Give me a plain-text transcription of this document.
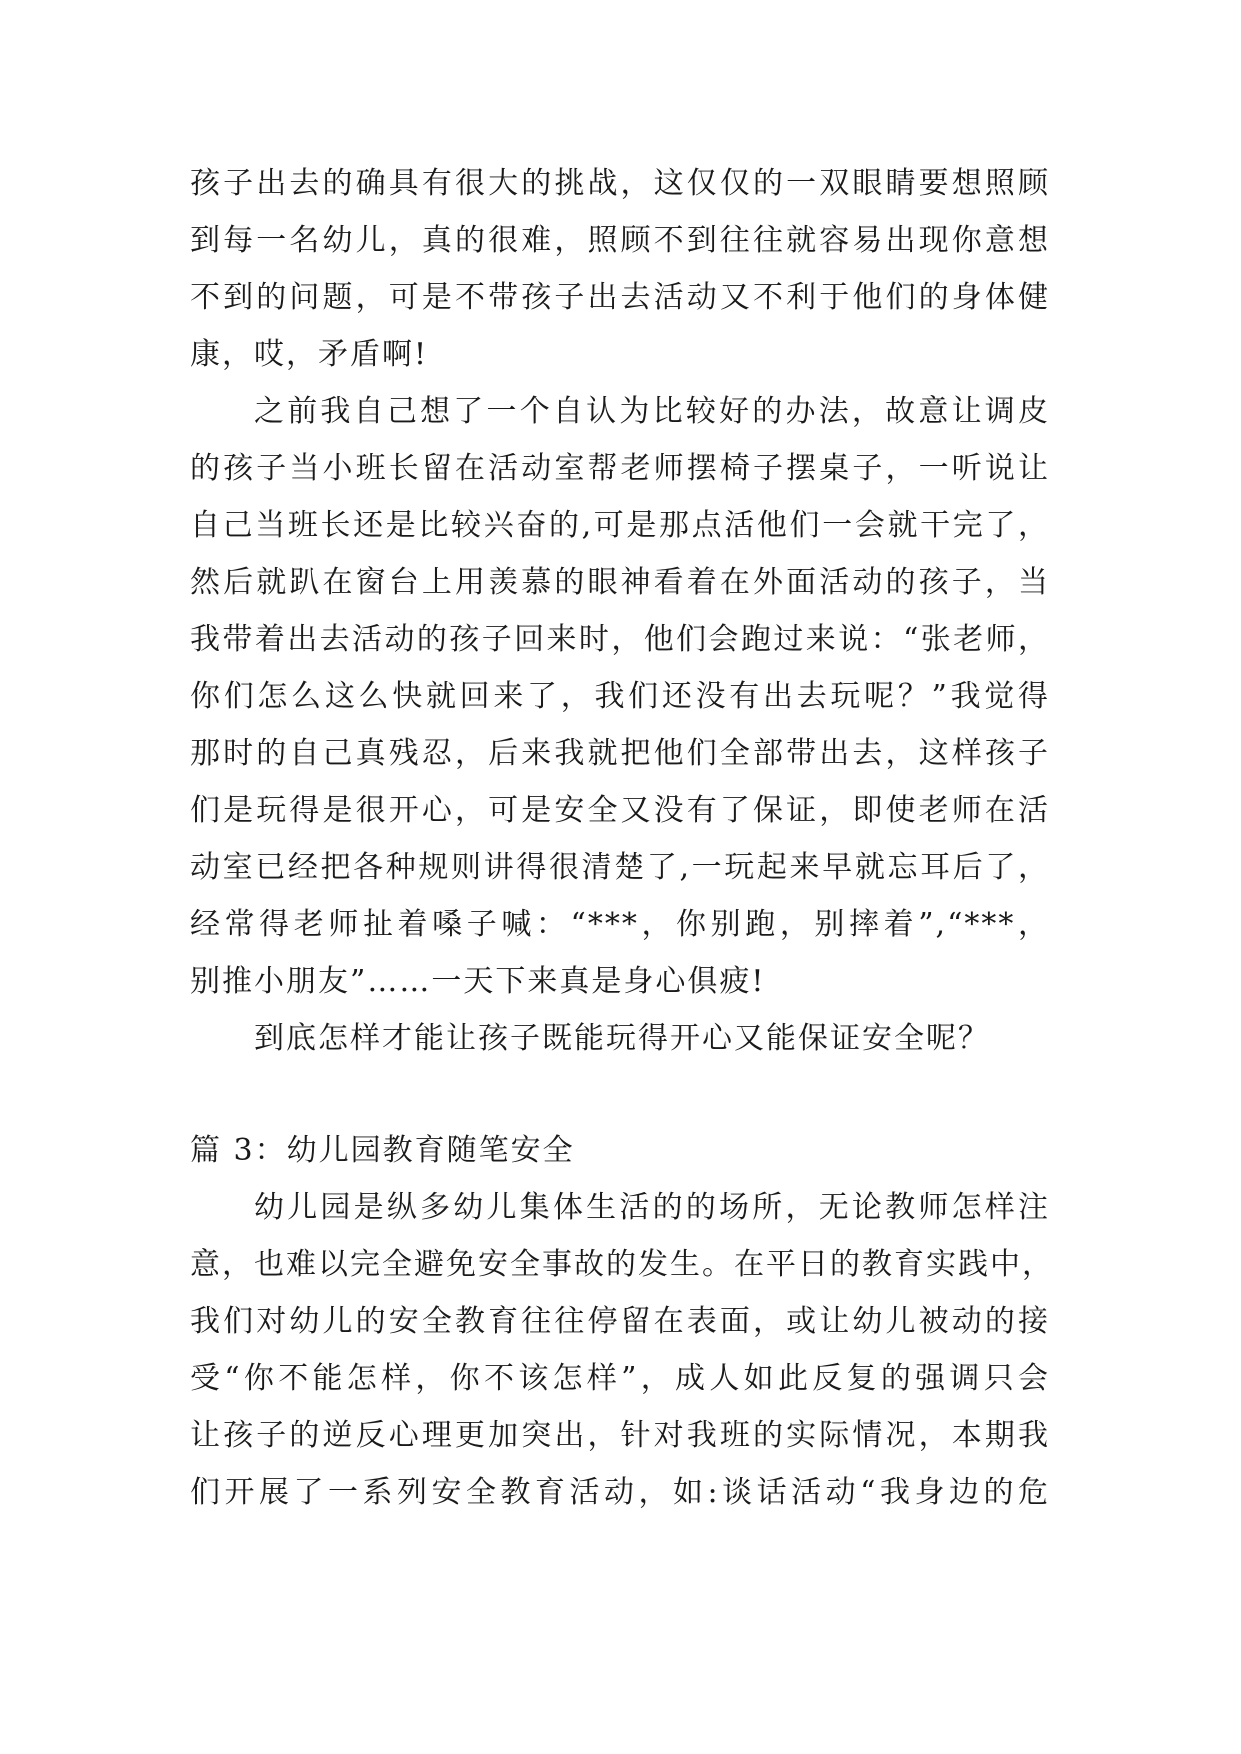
孩子出去的确具有很大的挑战，这仅仅的一双眼睛要想照顾
到每一名幼儿，真的很难，照顾不到往往就容易出现你意想
不到的问题，可是不带孩子出去活动又不利于他们的身体健
康，哎，矛盾啊!
之前我自己想了一个自认为比较好的办法，故意让调皮
的孩子当小班长留在活动室帮老师摆椅子摆桌子，一听说让
自己当班长还是比较兴奋的,可是那点活他们一会就干完了，
然后就趴在窗台上用羡慕的眼神看着在外面活动的孩子，当
我带着出去活动的孩子回来时，他们会跑过来说：“张老师，
你们怎么这么快就回来了，我们还没有出去玩呢？”我觉得
那时的自己真残忍，后来我就把他们全部带出去，这样孩子
们是玩得是很开心，可是安全又没有了保证，即使老师在活
动室已经把各种规则讲得很清楚了,一玩起来早就忘耳后了，
经常得老师扯着嗓子喊：“***，你别跑，别摔着”,“***，
别推小朋友”……一天下来真是身心俱疲!
到底怎样才能让孩子既能玩得开心又能保证安全呢？
篇 3：幼儿园教育随笔安全
幼儿园是纵多幼儿集体生活的的场所，无论教师怎样注
意，也难以完全避免安全事故的发生。在平日的教育实践中，
我们对幼儿的安全教育往往停留在表面，或让幼儿被动的接
受“你不能怎样，你不该怎样”，成人如此反复的强调只会
让孩子的逆反心理更加突出，针对我班的实际情况，本期我
们开展了一系列安全教育活动，如:谈话活动“我身边的危
